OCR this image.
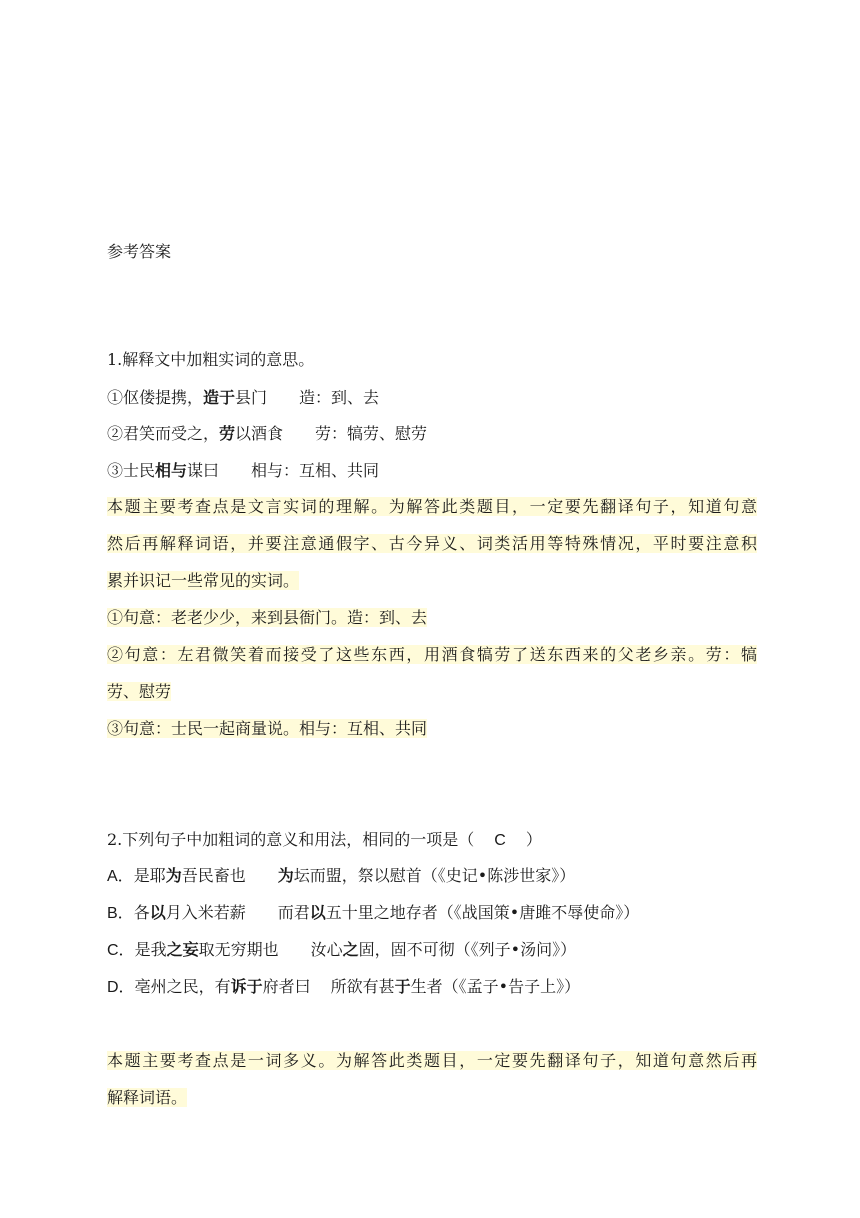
参考答案
1.解释文中加粗实词的意思。
①伛偻提携，造于县门 造：到、去
②君笑而受之，劳以酒食 劳：犒劳、慰劳
③士民相与谋曰 相与：互相、共同
本题主要考查点是文言实词的理解。为解答此类题目，一定要先翻译句子，知道句意
然后再解释词语，并要注意通假字、古今异义、词类活用等特殊情况，平时要注意积
累并识记一些常见的实词。
①句意：老老少少，来到县衙门。造：到、去
②句意：左君微笑着而接受了这些东西，用酒食犒劳了送东西来的父老乡亲。劳：犒
劳、慰劳
③句意：士民一起商量说。相与：互相、共同
2.下列句子中加粗词的意义和用法，相同的一项是（ C ）
A．是耶为吾民畜也 为坛而盟，祭以慰首（《史记•陈涉世家》）
B．各以月入米若薪 而君以五十里之地存者（《战国策•唐雎不辱使命》）
C．是我之妄取无穷期也 汝心之固，固不可彻（《列子•汤问》）
D．亳州之民，有诉于府者曰 所欲有甚于生者（《孟子•告子上》）
本题主要考查点是一词多义。为解答此类题目，一定要先翻译句子，知道句意然后再
解释词语。
